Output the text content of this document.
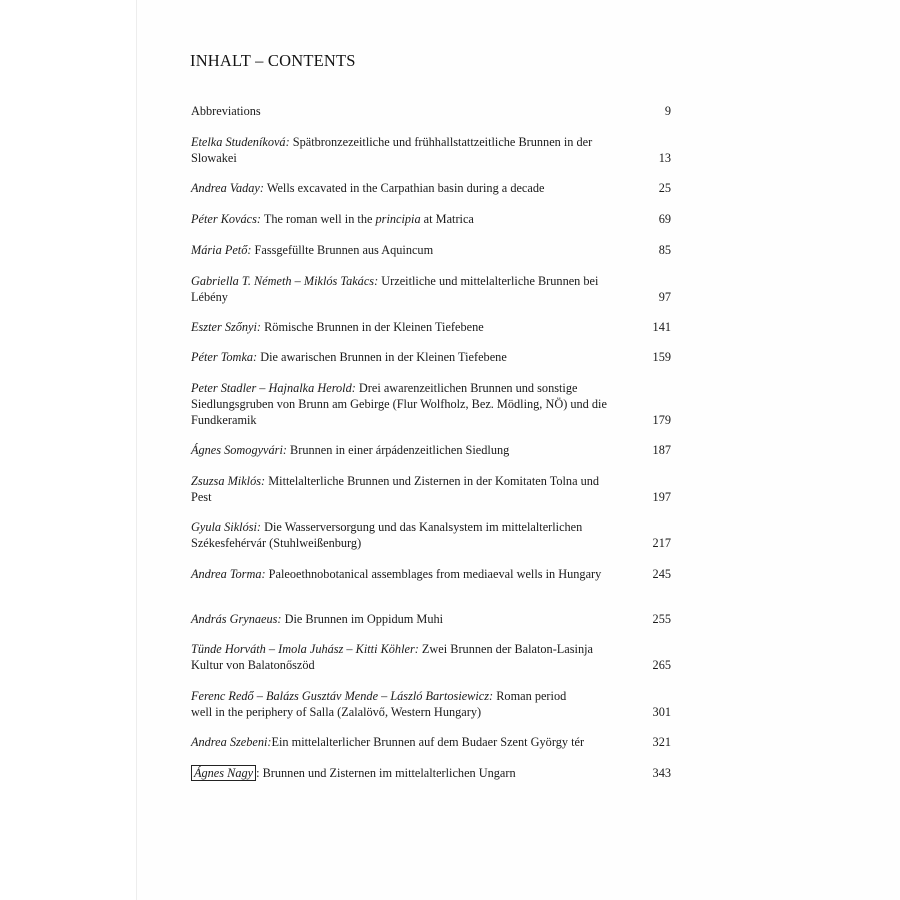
INHALT – CONTENTS
Abbreviations	9
Etelka Studeníková: Spätbronzezeitliche und frühhallstattzeitliche Brunnen in der Slowakei	13
Andrea Vaday: Wells excavated in the Carpathian basin during a decade	25
Péter Kovács: The roman well in the principia at Matrica	69
Mária Pető: Fassgefüllte Brunnen aus Aquincum	85
Gabriella T. Németh – Miklós Takács: Urzeitliche und mittelalterliche Brunnen bei Lébény	97
Eszter Szőnyi: Römische Brunnen in der Kleinen Tiefebene	141
Péter Tomka: Die awarischen Brunnen in der Kleinen Tiefebene	159
Peter Stadler – Hajnalka Herold: Drei awarenzeitlichen Brunnen und sonstige Siedlungsgruben von Brunn am Gebirge (Flur Wolfholz, Bez. Mödling, NÖ) und die Fundkeramik	179
Ágnes Somogyvári: Brunnen in einer árpádenzeitlichen Siedlung	187
Zsuzsa Miklós: Mittelalterliche Brunnen und Zisternen in der Komitaten Tolna und Pest	197
Gyula Siklósi: Die Wasserversorgung und das Kanalsystem im mittelalterlichen Székesfehérvár (Stuhlweißenburg)	217
Andrea Torma: Paleoethnobotanical assemblages from mediaeval wells in Hungary	245
András Grynaeus: Die Brunnen im Oppidum Muhi	255
Tünde Horváth – Imola Juhász – Kitti Köhler: Zwei Brunnen der Balaton-Lasinja Kultur von Balatonőszöd	265
Ferenc Redő – Balázs Gusztáv Mende – László Bartosiewicz: Roman period well in the periphery of Salla (Zalalövő, Western Hungary)	301
Andrea Szebeni:Ein mittelalterlicher Brunnen auf dem Budaer Szent György tér	321
Ágnes Nagy : Brunnen und Zisternen im mittelalterlichen Ungarn	343
